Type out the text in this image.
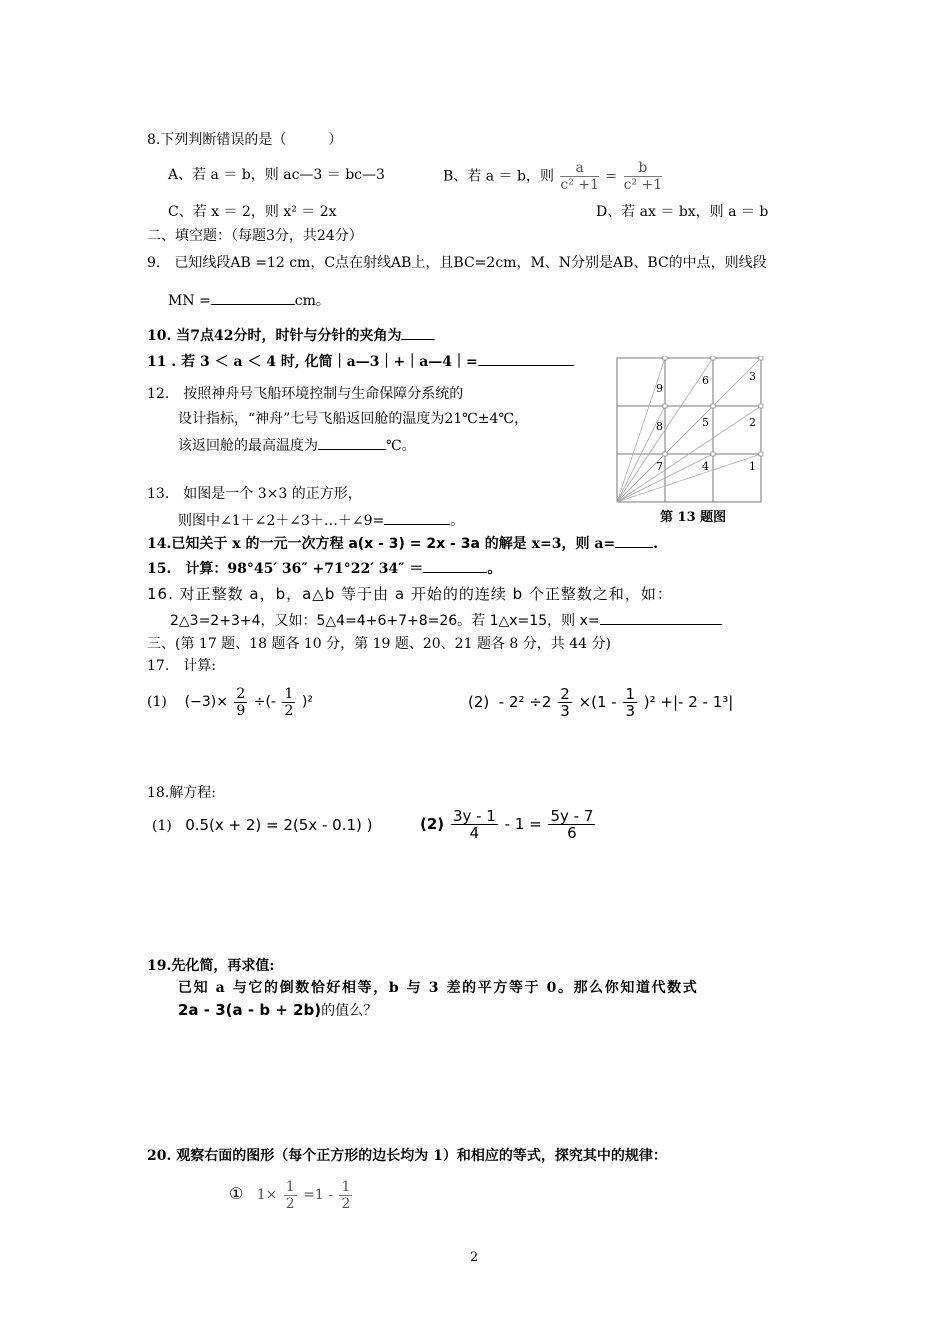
8.下列判断错误的是（　　　）
A、若 a ＝ b，则 ac—3 ＝ bc—3	B、若 a ＝ b，则 $\frac{a}{\text{c² +1}} = \frac{b}{\text{c² +1}}$
C、若 x ＝ 2，则 x² ＝ 2x	D、若 ax ＝ bx，则 a ＝ b
二、填空题：（每题3分，共24分）
9.　已知线段AB =12 cm，C点在射线AB上，且BC=2cm，M、N分别是AB、BC的中点，则线段
MN =	cm。
10. 当7点42分时，时针与分针的夹角为
11 . 若 3 ＜ a ＜ 4 时, 化简｜a—3｜+｜a—4｜=
12.　按照神舟号飞船环境控制与生命保障分系统的
设计指标，“神舟”七号飞船返回舱的温度为21℃±4℃，
该返回舱的最高温度为	℃。
13.　如图是一个 3×3 的正方形，
则图中∠1＋∠2＋∠3＋…＋∠9=	。
9
6	3
8	5	2
7	4	1
第 13 题图
14.已知关于 x 的一元一次方程 a(x - 3) = 2x - 3a 的解是 x=3，则 a=	.
15.　计算：98°45′ 36″ +71°22′ 34″ ＝	。
16. 对正整数 a，b，a△b 等于由 a 开始的的连续 b 个正整数之和，如：
2△3=2+3+4，又如：5△4=4+6+7+8=26。若 1△x=15，则 x=
三、(第 17 题、18 题各 10 分，第 19 题、20、21 题各 8 分，共 44 分)
17.　计算:
(1) $(-3)\times \frac{2}{9}$ ÷(- $\frac{1}{2} )^2$	$(2) - 2^2 \div 2 \frac{2}{3} \times(1 - \frac{1}{3} )^2$ +|- 2 - 1³|
18.解方程:
(1) 0.5(x + 2) = 2(5x - 0.1) )	$(2) \frac{3y - 1}{4} - 1 = \frac{5y - 7}{6}$
19.先化简，再求值:
已知 a 与它的倒数恰好相等，b 与 3 差的平方等于 0。那么你知道代数式
2a - 3(a - b + 2b)的值么？
20. 观察右面的图形（每个正方形的边长均为 1）和相应的等式，探究其中的规律：
① $1\times \frac{1}{2} =1 - \frac{1}{2}$
2
